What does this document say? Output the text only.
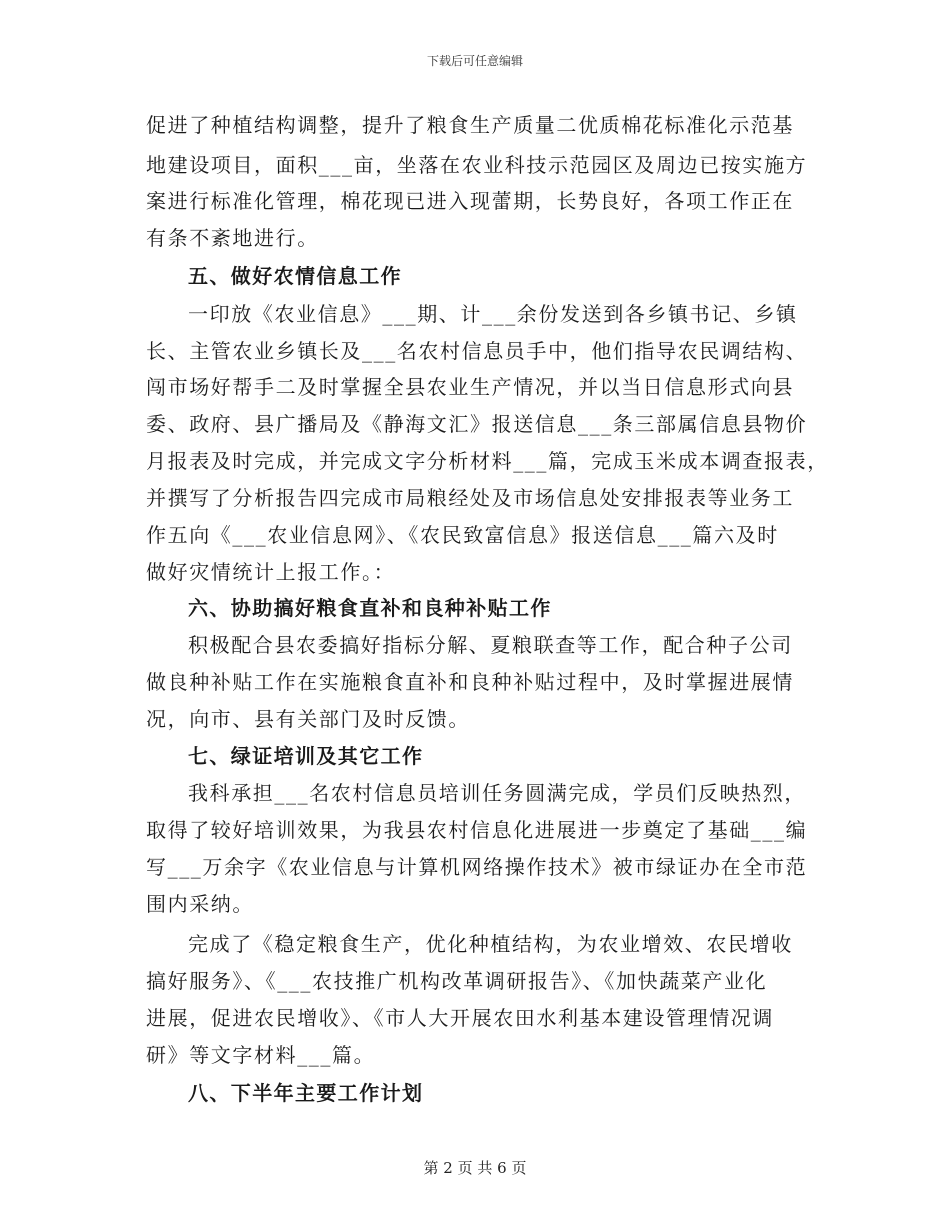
下载后可任意编辑
促进了种植结构调整，提升了粮食生产质量二优质棉花标准化示范基
地建设项目，面积___亩，坐落在农业科技示范园区及周边已按实施方
案进行标准化管理，棉花现已进入现蕾期，长势良好，各项工作正在
有条不紊地进行。
五、做好农情信息工作
一印放《农业信息》___期、计___余份发送到各乡镇书记、乡镇
长、主管农业乡镇长及___名农村信息员手中，他们指导农民调结构、
闯市场好帮手二及时掌握全县农业生产情况，并以当日信息形式向县
委、政府、县广播局及《静海文汇》报送信息___条三部属信息县物价
月报表及时完成，并完成文字分析材料___篇，完成玉米成本调查报表，
并撰写了分析报告四完成市局粮经处及市场信息处安排报表等业务工
作五向《___农业信息网》、《农民致富信息》报送信息___篇六及时
做好灾情统计上报工作。：
六、协助搞好粮食直补和良种补贴工作
积极配合县农委搞好指标分解、夏粮联查等工作，配合种子公司
做良种补贴工作在实施粮食直补和良种补贴过程中，及时掌握进展情
况，向市、县有关部门及时反馈。
七、绿证培训及其它工作
我科承担___名农村信息员培训任务圆满完成，学员们反映热烈，
取得了较好培训效果，为我县农村信息化进展进一步奠定了基础___编
写___万余字《农业信息与计算机网络操作技术》被市绿证办在全市范
围内采纳。
完成了《稳定粮食生产，优化种植结构，为农业增效、农民增收
搞好服务》、《___农技推广机构改革调研报告》、《加快蔬菜产业化
进展，促进农民增收》、《市人大开展农田水利基本建设管理情况调
研》等文字材料___篇。
八、下半年主要工作计划
第 2 页 共 6 页
